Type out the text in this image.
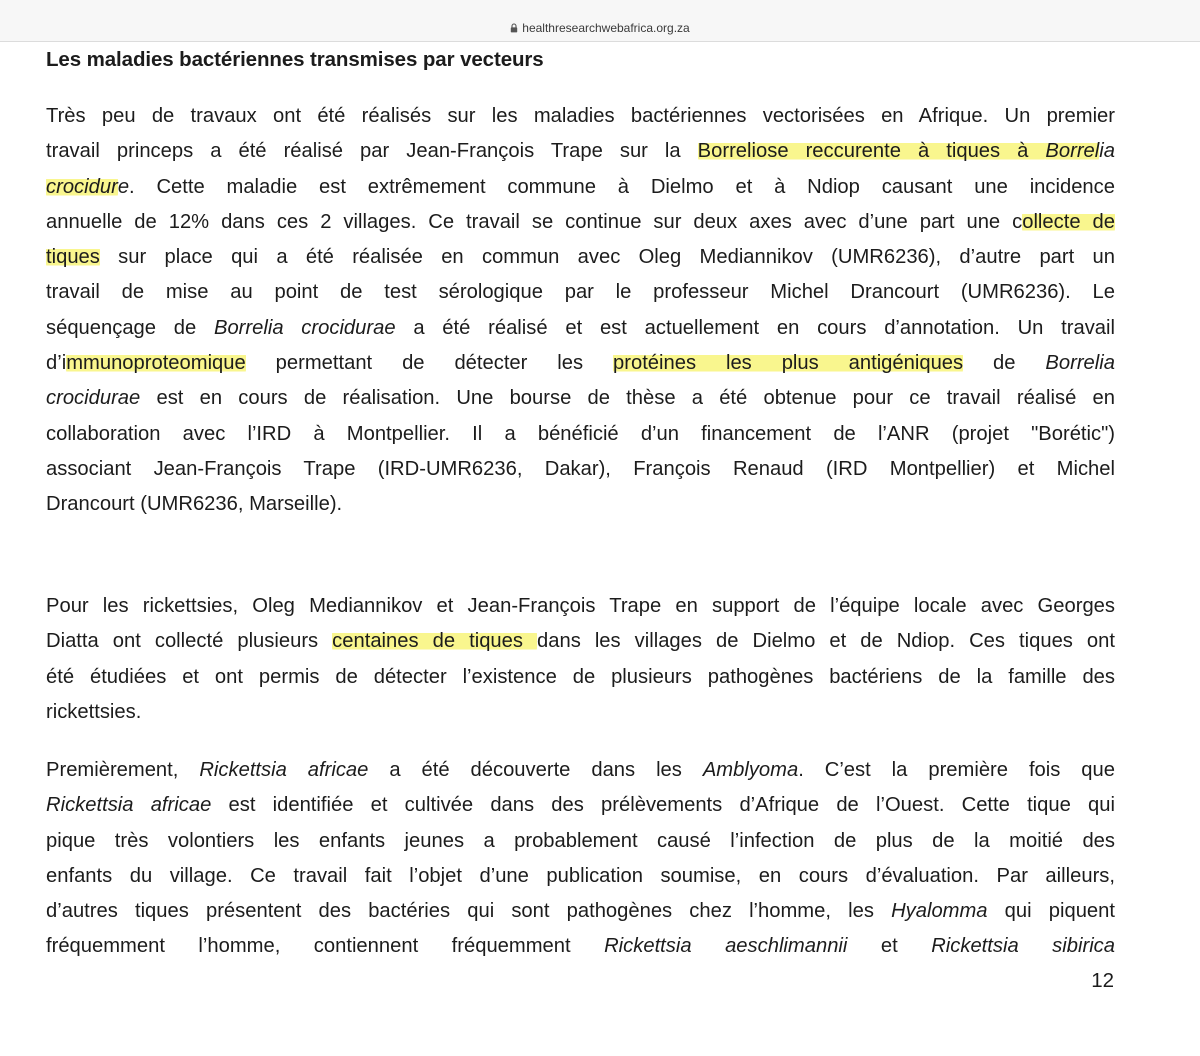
healthresearchwebafrica.org.za
Les maladies bactériennes transmises par vecteurs
Très peu de travaux ont été réalisés sur les maladies bactériennes vectorisées en Afrique. Un premier
travail princeps a été réalisé par Jean-François Trape sur la Borreliose reccurente à tiques à Borrelia
crocidure. Cette maladie est extrêmement commune à Dielmo et à Ndiop causant une incidence
annuelle de 12% dans ces 2 villages. Ce travail se continue sur deux axes avec d’une part une collecte de
tiques sur place qui a été réalisée en commun avec Oleg Mediannikov (UMR6236), d’autre part un
travail de mise au point de test sérologique par le professeur Michel Drancourt (UMR6236). Le
séquençage de Borrelia crocidurae a été réalisé et est actuellement en cours d’annotation. Un travail
d’immunoproteomique permettant de détecter les protéines les plus antigéniques de Borrelia
crocidurae est en cours de réalisation. Une bourse de thèse a été obtenue pour ce travail réalisé en
collaboration avec l’IRD à Montpellier. Il a bénéficié d’un financement de l’ANR (projet "Borétic")
associant Jean-François Trape (IRD-UMR6236, Dakar), François Renaud (IRD Montpellier) et Michel
Drancourt (UMR6236, Marseille).
Pour les rickettsies, Oleg Mediannikov et Jean-François Trape en support de l’équipe locale avec Georges
Diatta ont collecté plusieurs centaines de tiques dans les villages de Dielmo et de Ndiop. Ces tiques ont
été étudiées et ont permis de détecter l’existence de plusieurs pathogènes bactériens de la famille des
rickettsies.
Premièrement, Rickettsia africae a été découverte dans les Amblyoma. C’est la première fois que
Rickettsia africae est identifiée et cultivée dans des prélèvements d’Afrique de l’Ouest. Cette tique qui
pique très volontiers les enfants jeunes a probablement causé l’infection de plus de la moitié des
enfants du village. Ce travail fait l’objet d’une publication soumise, en cours d’évaluation. Par ailleurs,
d’autres tiques présentent des bactéries qui sont pathogènes chez l’homme, les Hyalomma qui piquent
fréquemment l’homme, contiennent fréquemment Rickettsia aeschlimannii et Rickettsia sibirica
12
